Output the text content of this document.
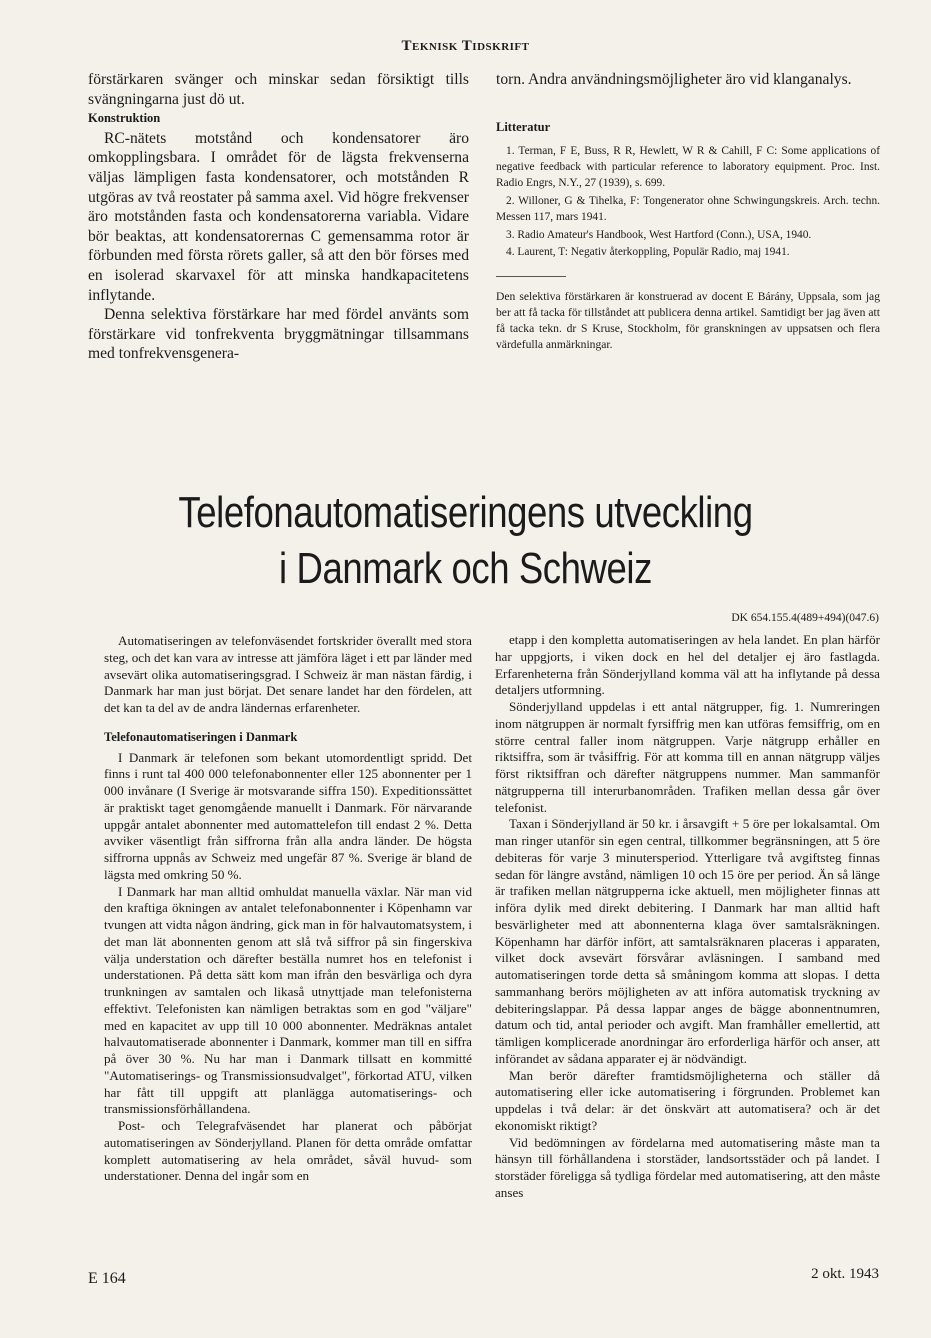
Teknisk Tidskrift

förstärkaren svänger och minskar sedan försiktigt tills svängningarna just dö ut.

Konstruktion

RC-nätets motstånd och kondensatorer äro omkopplingsbara. I området för de lägsta frekvenserna väljas lämpligen fasta kondensatorer, och motstånden R utgöras av två reostater på samma axel. Vid högre frekvenser äro motstånden fasta och kondensatorerna variabla. Vidare bör beaktas, att kondensatorernas C gemensamma rotor är förbunden med första rörets galler, så att den bör förses med en isolerad skarvaxel för att minska handkapacitetens inflytande.

Denna selektiva förstärkare har med fördel använts som förstärkare vid tonfrekventa bryggmätningar tillsammans med tonfrekvensgenera-

torn. Andra användningsmöjligheter äro vid klanganalys.

Litteratur

1. Terman, F E, Buss, R R, Hewlett, W R & Cahill, F C: Some applications of negative feedback with particular reference to laboratory equipment. Proc. Inst. Radio Engrs, N.Y., 27 (1939), s. 699.

2. Willoner, G & Tihelka, F: Tongenerator ohne Schwingungskreis. Arch. techn. Messen 117, mars 1941.

3. Radio Amateur's Handbook, West Hartford (Conn.), USA, 1940.

4. Laurent, T: Negativ återkoppling, Populär Radio, maj 1941.

Den selektiva förstärkaren är konstruerad av docent E Bárány, Uppsala, som jag ber att få tacka för tillståndet att publicera denna artikel. Samtidigt ber jag även att få tacka tekn. dr S Kruse, Stockholm, för granskningen av uppsatsen och flera värdefulla anmärkningar.
Telefonautomatiseringens utveckling
i Danmark och Schweiz
DK 654.155.4(489+494)(047.6)

Automatiseringen av telefonväsendet fortskrider överallt med stora steg, och det kan vara av intresse att jämföra läget i ett par länder med avsevärt olika automatiseringsgrad. I Schweiz är man nästan färdig, i Danmark har man just börjat. Det senare landet har den fördelen, att det kan ta del av de andra ländernas erfarenheter.

Telefonautomatiseringen i Danmark

I Danmark är telefonen som bekant utomordentligt spridd. Det finns i runt tal 400 000 telefonabonnenter eller 125 abonnenter per 1 000 invånare (I Sverige är motsvarande siffra 150). Expeditionssättet är praktiskt taget genomgående manuellt i Danmark. För närvarande uppgår antalet abonnenter med automattelefon till endast 2 %. Detta avviker väsentligt från siffrorna från alla andra länder. De högsta siffrorna uppnås av Schweiz med ungefär 87 %. Sverige är bland de lägsta med omkring 50 %.

I Danmark har man alltid omhuldat manuella växlar. När man vid den kraftiga ökningen av antalet telefonabonnenter i Köpenhamn var tvungen att vidta någon ändring, gick man in för halvautomatsystem, i det man lät abonnenten genom att slå två siffror på sin fingerskiva välja understation och därefter beställa numret hos en telefonist i understationen. På detta sätt kom man ifrån den besvärliga och dyra trunkningen av samtalen och likaså utnyttjade man telefonisterna effektivt. Telefonisten kan nämligen betraktas som en god "väljare" med en kapacitet av upp till 10 000 abonnenter. Medräknas antalet halvautomatiserade abonnenter i Danmark, kommer man till en siffra på över 30 %. Nu har man i Danmark tillsatt en kommitté "Automatiserings- og Transmissionsudvalget", förkortad ATU, vilken har fått till uppgift att planlägga automatiserings- och transmissionsförhållandena.

Post- och Telegrafväsendet har planerat och påbörjat automatiseringen av Sönderjylland. Planen för detta område omfattar komplett automatisering av hela området, såväl huvud- som understationer. Denna del ingår som en

etapp i den kompletta automatiseringen av hela landet. En plan härför har uppgjorts, i viken dock en hel del detaljer ej äro fastlagda. Erfarenheterna från Sönderjylland komma väl att ha inflytande på dessa detaljers utformning.

Sönderjylland uppdelas i ett antal nätgrupper, fig. 1. Numreringen inom nätgruppen är normalt fyrsiffrig men kan utföras femsiffrig, om en större central faller inom nätgruppen. Varje nätgrupp erhåller en riktsiffra, som är tvåsiffrig. För att komma till en annan nätgrupp väljes först riktsiffran och därefter nätgruppens nummer. Man sammanför nätgrupperna till interurbanområden. Trafiken mellan dessa går över telefonist.

Taxan i Sönderjylland är 50 kr. i årsavgift + 5 öre per lokalsamtal. Om man ringer utanför sin egen central, tillkommer begränsningen, att 5 öre debiteras för varje 3 minutersperiod. Ytterligare två avgiftsteg finnas sedan för längre avstånd, nämligen 10 och 15 öre per period. Än så länge är trafiken mellan nätgrupperna icke aktuell, men möjligheter finnas att införa dylik med direkt debitering. I Danmark har man alltid haft besvärligheter med att abonnenterna klaga över samtalsräkningen. Köpenhamn har därför infört, att samtalsräknaren placeras i apparaten, vilket dock avsevärt försvårar avläsningen. I samband med automatiseringen torde detta så småningom komma att slopas. I detta sammanhang berörs möjligheten av att införa automatisk tryckning av debiteringslappar. På dessa lappar anges de bägge abonnentnumren, datum och tid, antal perioder och avgift. Man framhåller emellertid, att tämligen komplicerade anordningar äro erforderliga härför och anser, att införandet av sådana apparater ej är nödvändigt.

Man berör därefter framtidsmöjligheterna och ställer då automatisering eller icke automatisering i förgrunden. Problemet kan uppdelas i två delar: är det önskvärt att automatisera? och är det ekonomiskt riktigt?

Vid bedömningen av fördelarna med automatisering måste man ta hänsyn till förhållandena i storstäder, landsortsstäder och på landet. I storstäder föreligga så tydliga fördelar med automatisering, att den måste anses

E 164	2 okt. 1943
